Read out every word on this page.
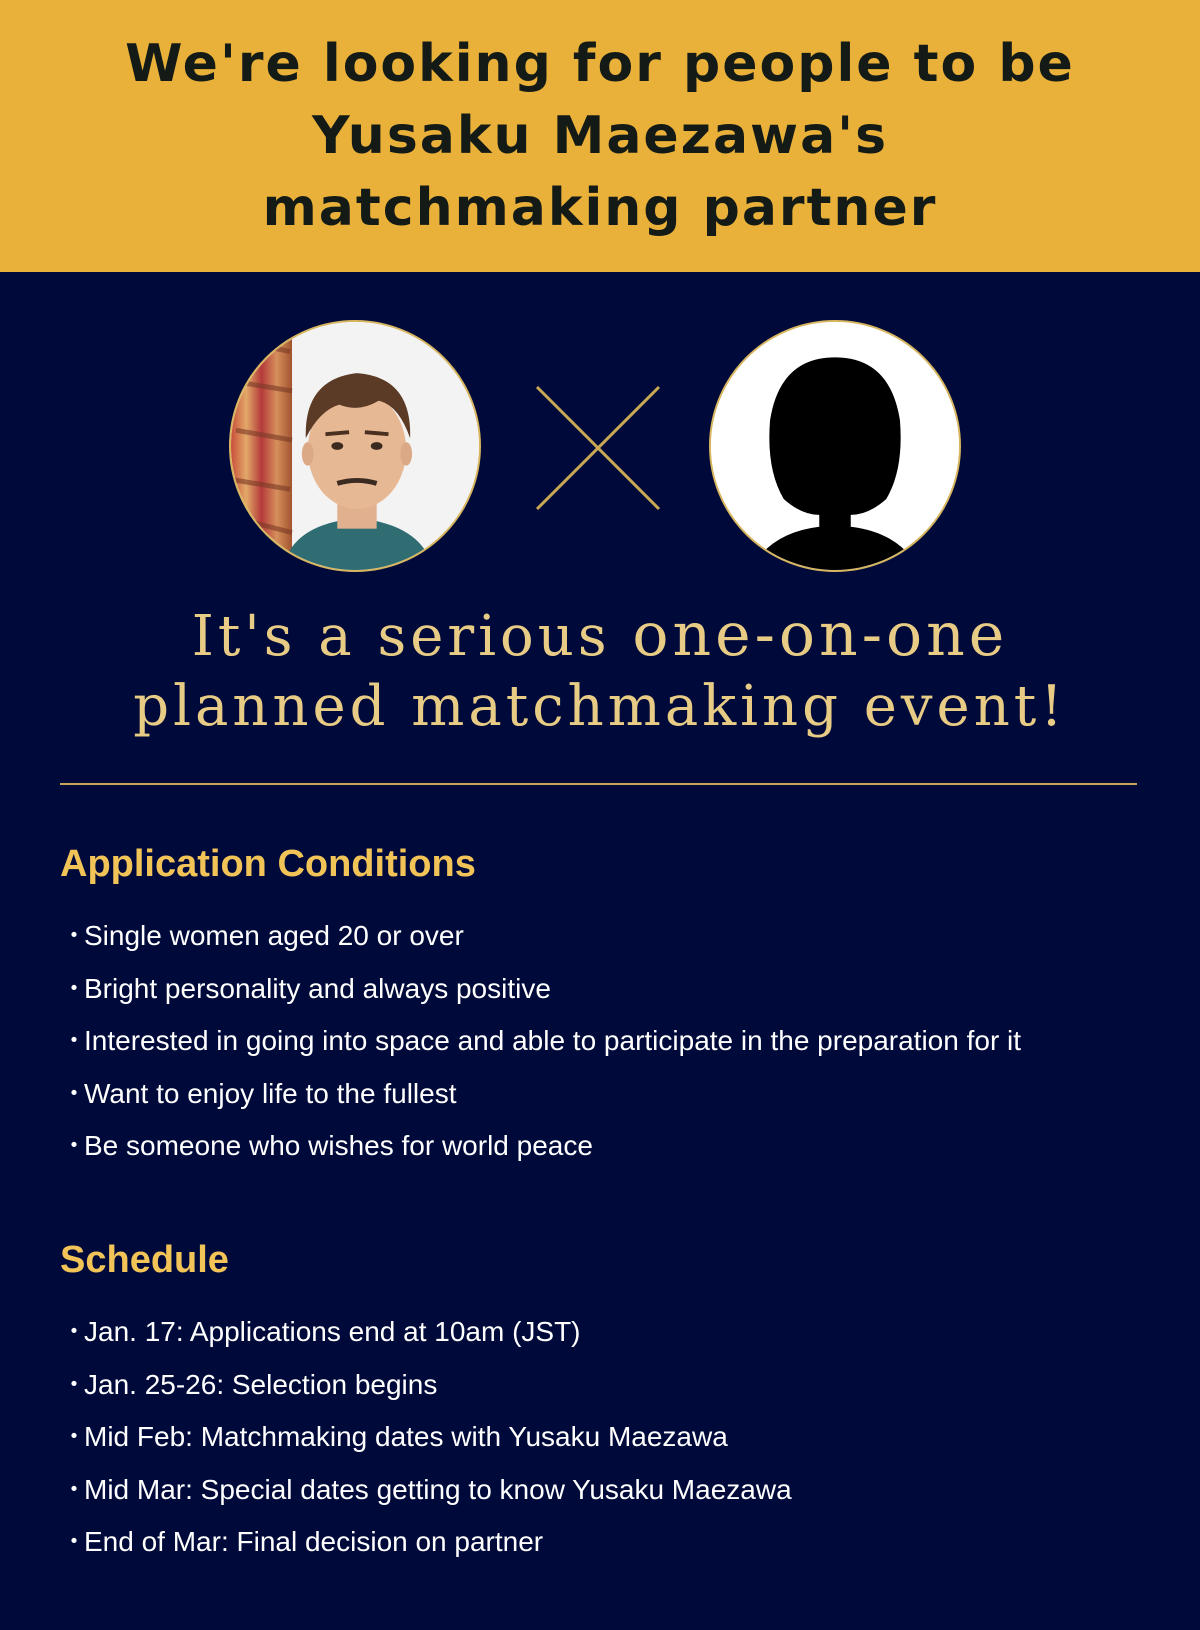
We're looking for people to be
Yusaku Maezawa's
matchmaking partner
It's a serious one-on-one
planned matchmaking event!
Application Conditions
・Single women aged 20 or over
・Bright personality and always positive
・Interested in going into space and able to participate in the preparation for it
・Want to enjoy life to the fullest
・Be someone who wishes for world peace
Schedule
・Jan. 17: Applications end at 10am (JST)
・Jan. 25-26: Selection begins
・Mid Feb: Matchmaking dates with Yusaku Maezawa
・Mid Mar: Special dates getting to know Yusaku Maezawa
・End of Mar: Final decision on partner
